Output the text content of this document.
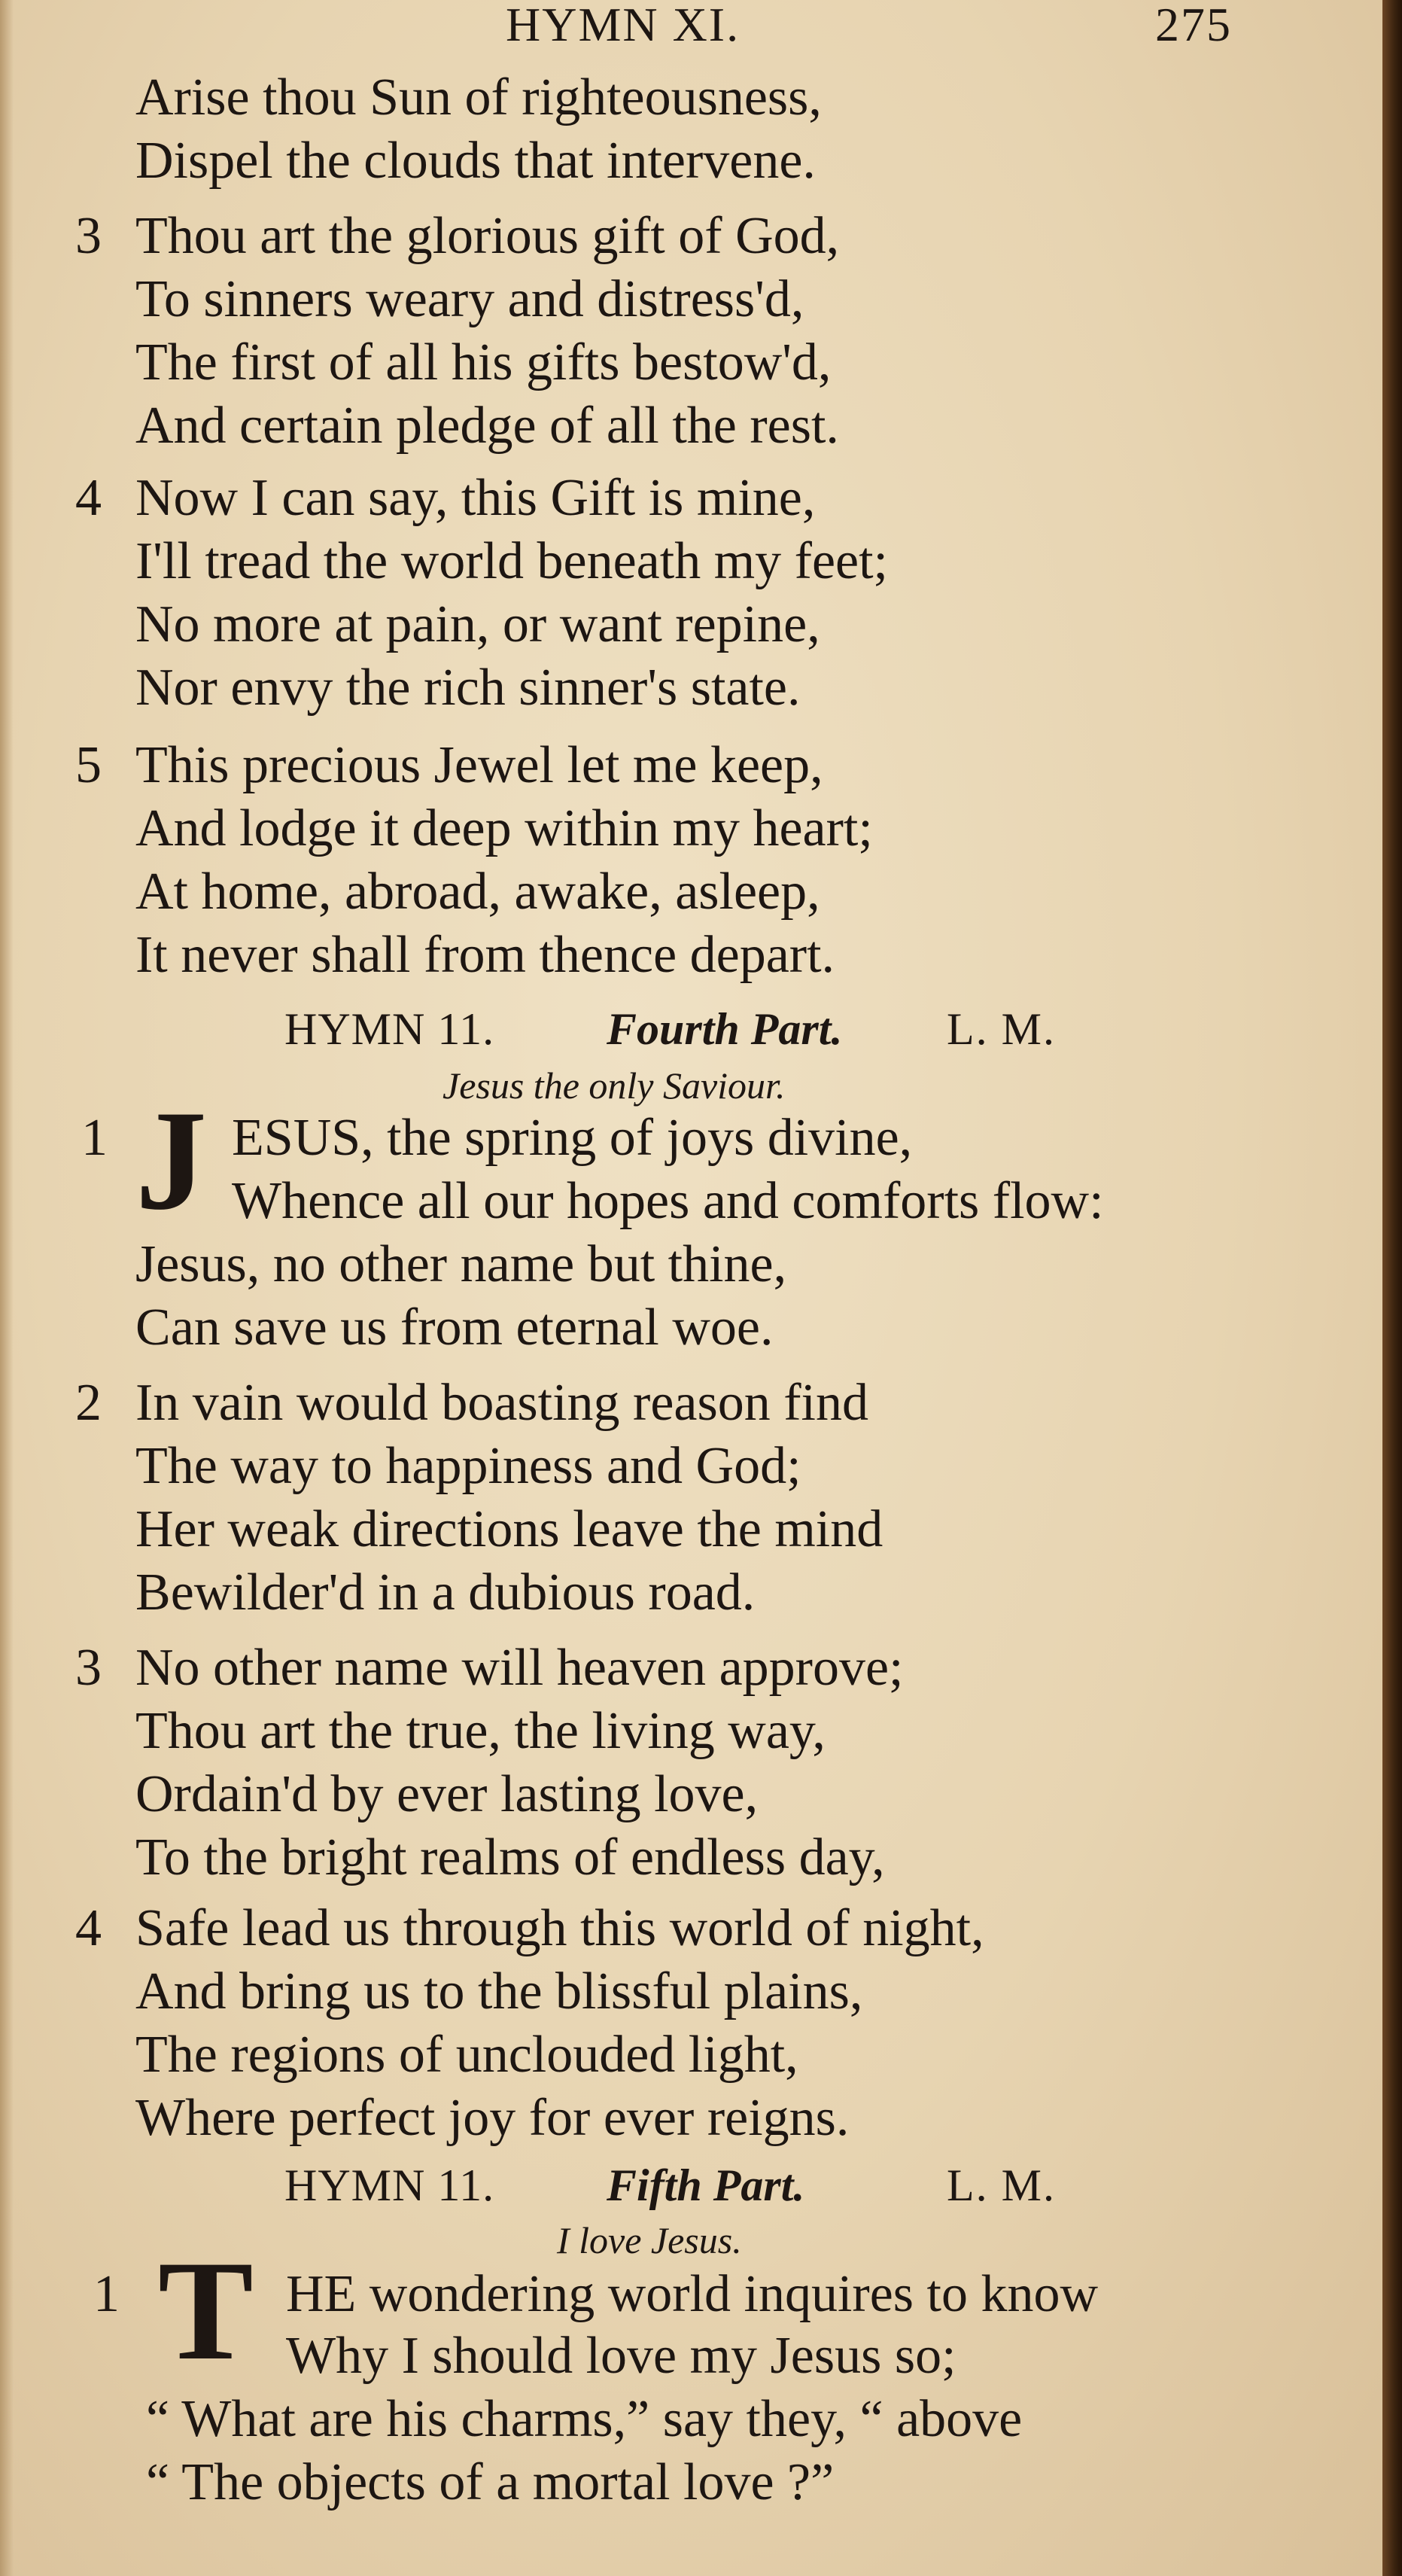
HYMN XI.	275
Arise thou Sun of righteousness,
Dispel the clouds that intervene.
3 Thou art the glorious gift of God,
To sinners weary and distress'd,
The first of all his gifts bestow'd,
And certain pledge of all the rest.
4 Now I can say, this Gift is mine,
I'll tread the world beneath my feet;
No more at pain, or want repine,
Nor envy the rich sinner's state.
5 This precious Jewel let me keep,
And lodge it deep within my heart;
At home, abroad, awake, asleep,
It never shall from thence depart.
HYMN 11. Fourth Part. L. M.
Jesus the only Saviour.
1 ESUS, the spring of joys divine,
J Whence all our hopes and comforts flow:
Jesus, no other name but thine,
Can save us from eternal woe.
2 In vain would boasting reason find
The way to happiness and God;
Her weak directions leave the mind
Bewilder'd in a dubious road.
3 No other name will heaven approve;
Thou art the true, the living way,
Ordain'd by ever lasting love,
To the bright realms of endless day,
4 Safe lead us through this world of night,
And bring us to the blissful plains,
The regions of unclouded light,
Where perfect joy for ever reigns.
HYMN 11. Fifth Part.	L. M.
I love Jesus.
1	HE wondering world inquires to know
T Why I should love my Jesus so;
“ What are his charms,” say they, “ above
“ The objects of a mortal love ?”
